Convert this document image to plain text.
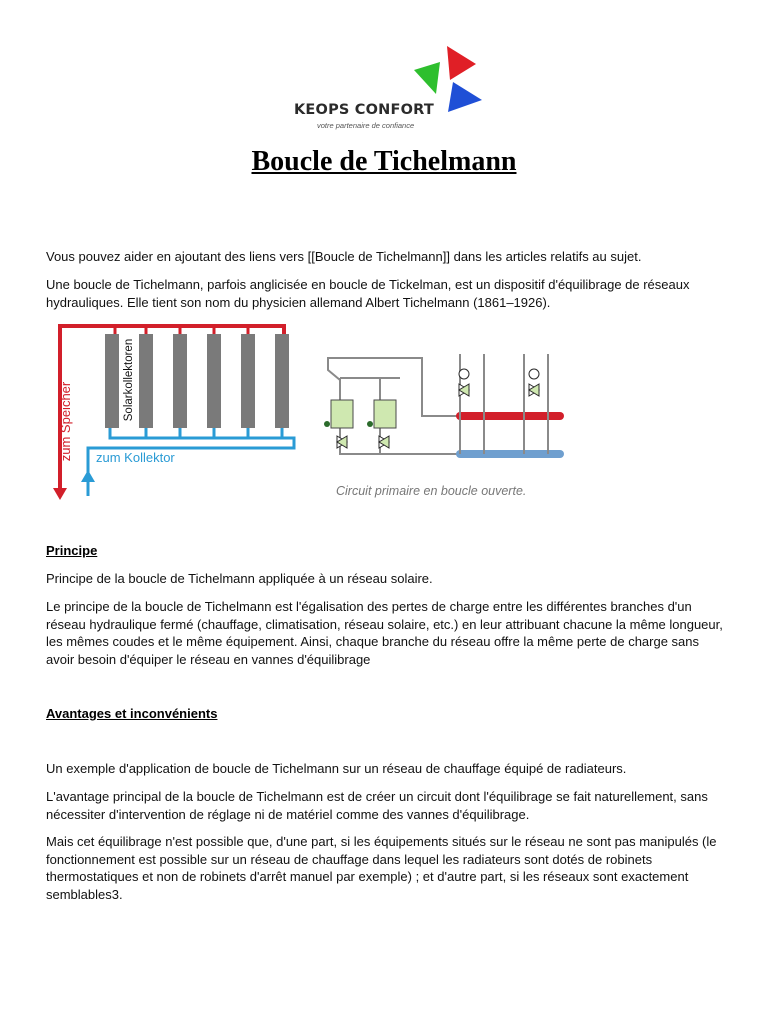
KEOPS CONFORT
votre partenaire de confiance
Boucle de Tichelmann

Vous pouvez aider en ajoutant des liens vers [[Boucle de Tichelmann]] dans les articles relatifs au sujet.

Une boucle de Tichelmann, parfois anglicisée en boucle de Tickelman, est un dispositif d'équilibrage de réseaux hydrauliques. Elle tient son nom du physicien allemand Albert Tichelmann (1861–1926).

zum Speicher
Solarkollektoren
zum Kollektor
Circuit primaire en boucle ouverte.

Principe

Principe de la boucle de Tichelmann appliquée à un réseau solaire.

Le principe de la boucle de Tichelmann est l'égalisation des pertes de charge entre les différentes branches d'un réseau hydraulique fermé (chauffage, climatisation, réseau solaire, etc.) en leur attribuant chacune la même longueur, les mêmes coudes et le même équipement. Ainsi, chaque branche du réseau offre la même perte de charge sans avoir besoin d'équiper le réseau en vannes d'équilibrage

Avantages et inconvénients

Un exemple d'application de boucle de Tichelmann sur un réseau de chauffage équipé de radiateurs.

L'avantage principal de la boucle de Tichelmann est de créer un circuit dont l'équilibrage se fait naturellement, sans nécessiter d'intervention de réglage ni de matériel comme des vannes d'équilibrage.

Mais cet équilibrage n'est possible que, d'une part, si les équipements situés sur le réseau ne sont pas manipulés (le fonctionnement est possible sur un réseau de chauffage dans lequel les radiateurs sont dotés de robinets thermostatiques et non de robinets d'arrêt manuel par exemple) ; et d'autre part, si les réseaux sont exactement semblables3.
